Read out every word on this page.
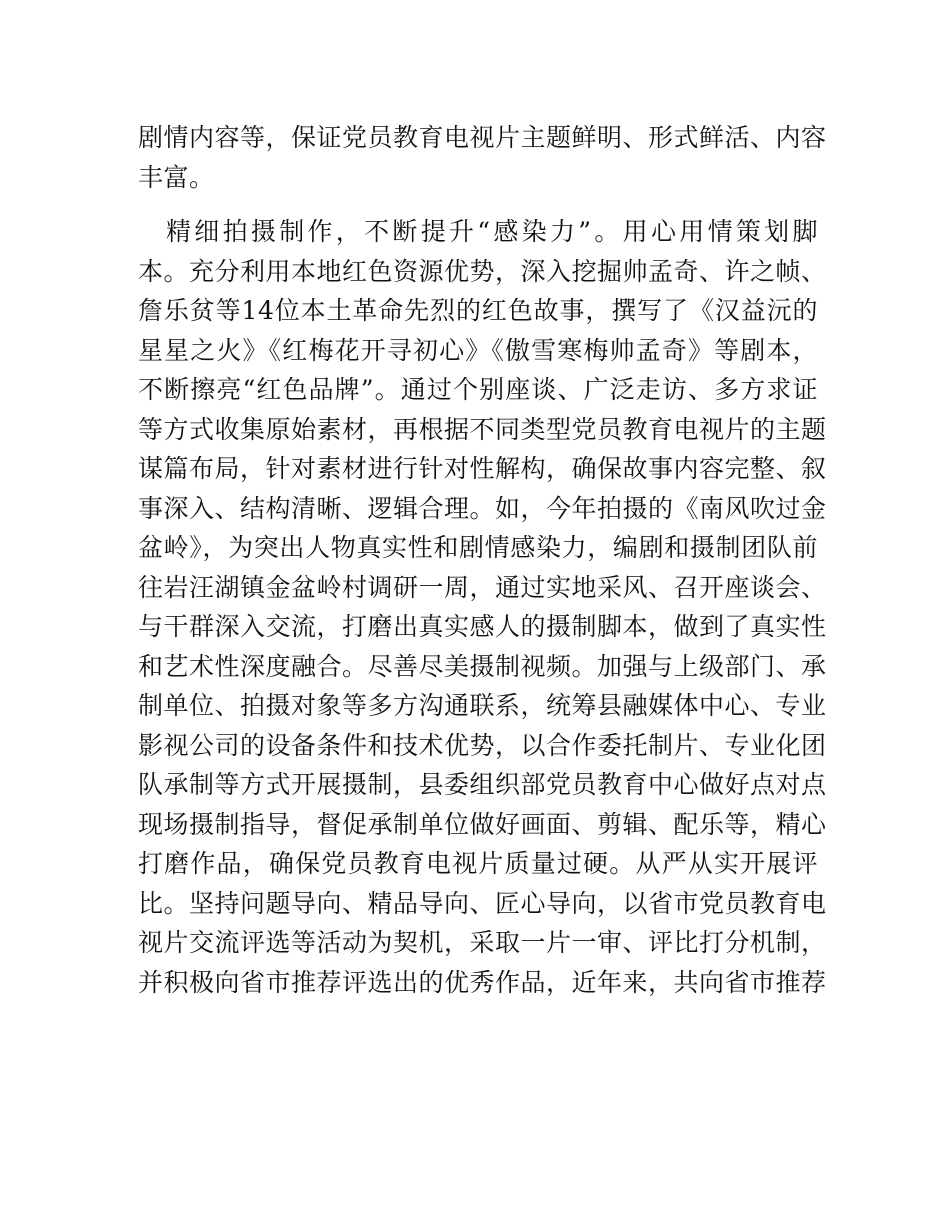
剧情内容等，保证党员教育电视片主题鲜明、形式鲜活、内容
丰富。
精细拍摄制作，不断提升“感染力”。用心用情策划脚
本。充分利用本地红色资源优势，深入挖掘帅孟奇、许之帧、
詹乐贫等14位本土革命先烈的红色故事，撰写了《汉益沅的
星星之火》《红梅花开寻初心》《傲雪寒梅帅孟奇》等剧本，
不断擦亮“红色品牌”。通过个别座谈、广泛走访、多方求证
等方式收集原始素材，再根据不同类型党员教育电视片的主题
谋篇布局，针对素材进行针对性解构，确保故事内容完整、叙
事深入、结构清晰、逻辑合理。如，今年拍摄的《南风吹过金
盆岭》，为突出人物真实性和剧情感染力，编剧和摄制团队前
往岩汪湖镇金盆岭村调研一周，通过实地采风、召开座谈会、
与干群深入交流，打磨出真实感人的摄制脚本，做到了真实性
和艺术性深度融合。尽善尽美摄制视频。加强与上级部门、承
制单位、拍摄对象等多方沟通联系，统筹县融媒体中心、专业
影视公司的设备条件和技术优势，以合作委托制片、专业化团
队承制等方式开展摄制，县委组织部党员教育中心做好点对点
现场摄制指导，督促承制单位做好画面、剪辑、配乐等，精心
打磨作品，确保党员教育电视片质量过硬。从严从实开展评
比。坚持问题导向、精品导向、匠心导向，以省市党员教育电
视片交流评选等活动为契机，采取一片一审、评比打分机制，
并积极向省市推荐评选出的优秀作品，近年来，共向省市推荐
